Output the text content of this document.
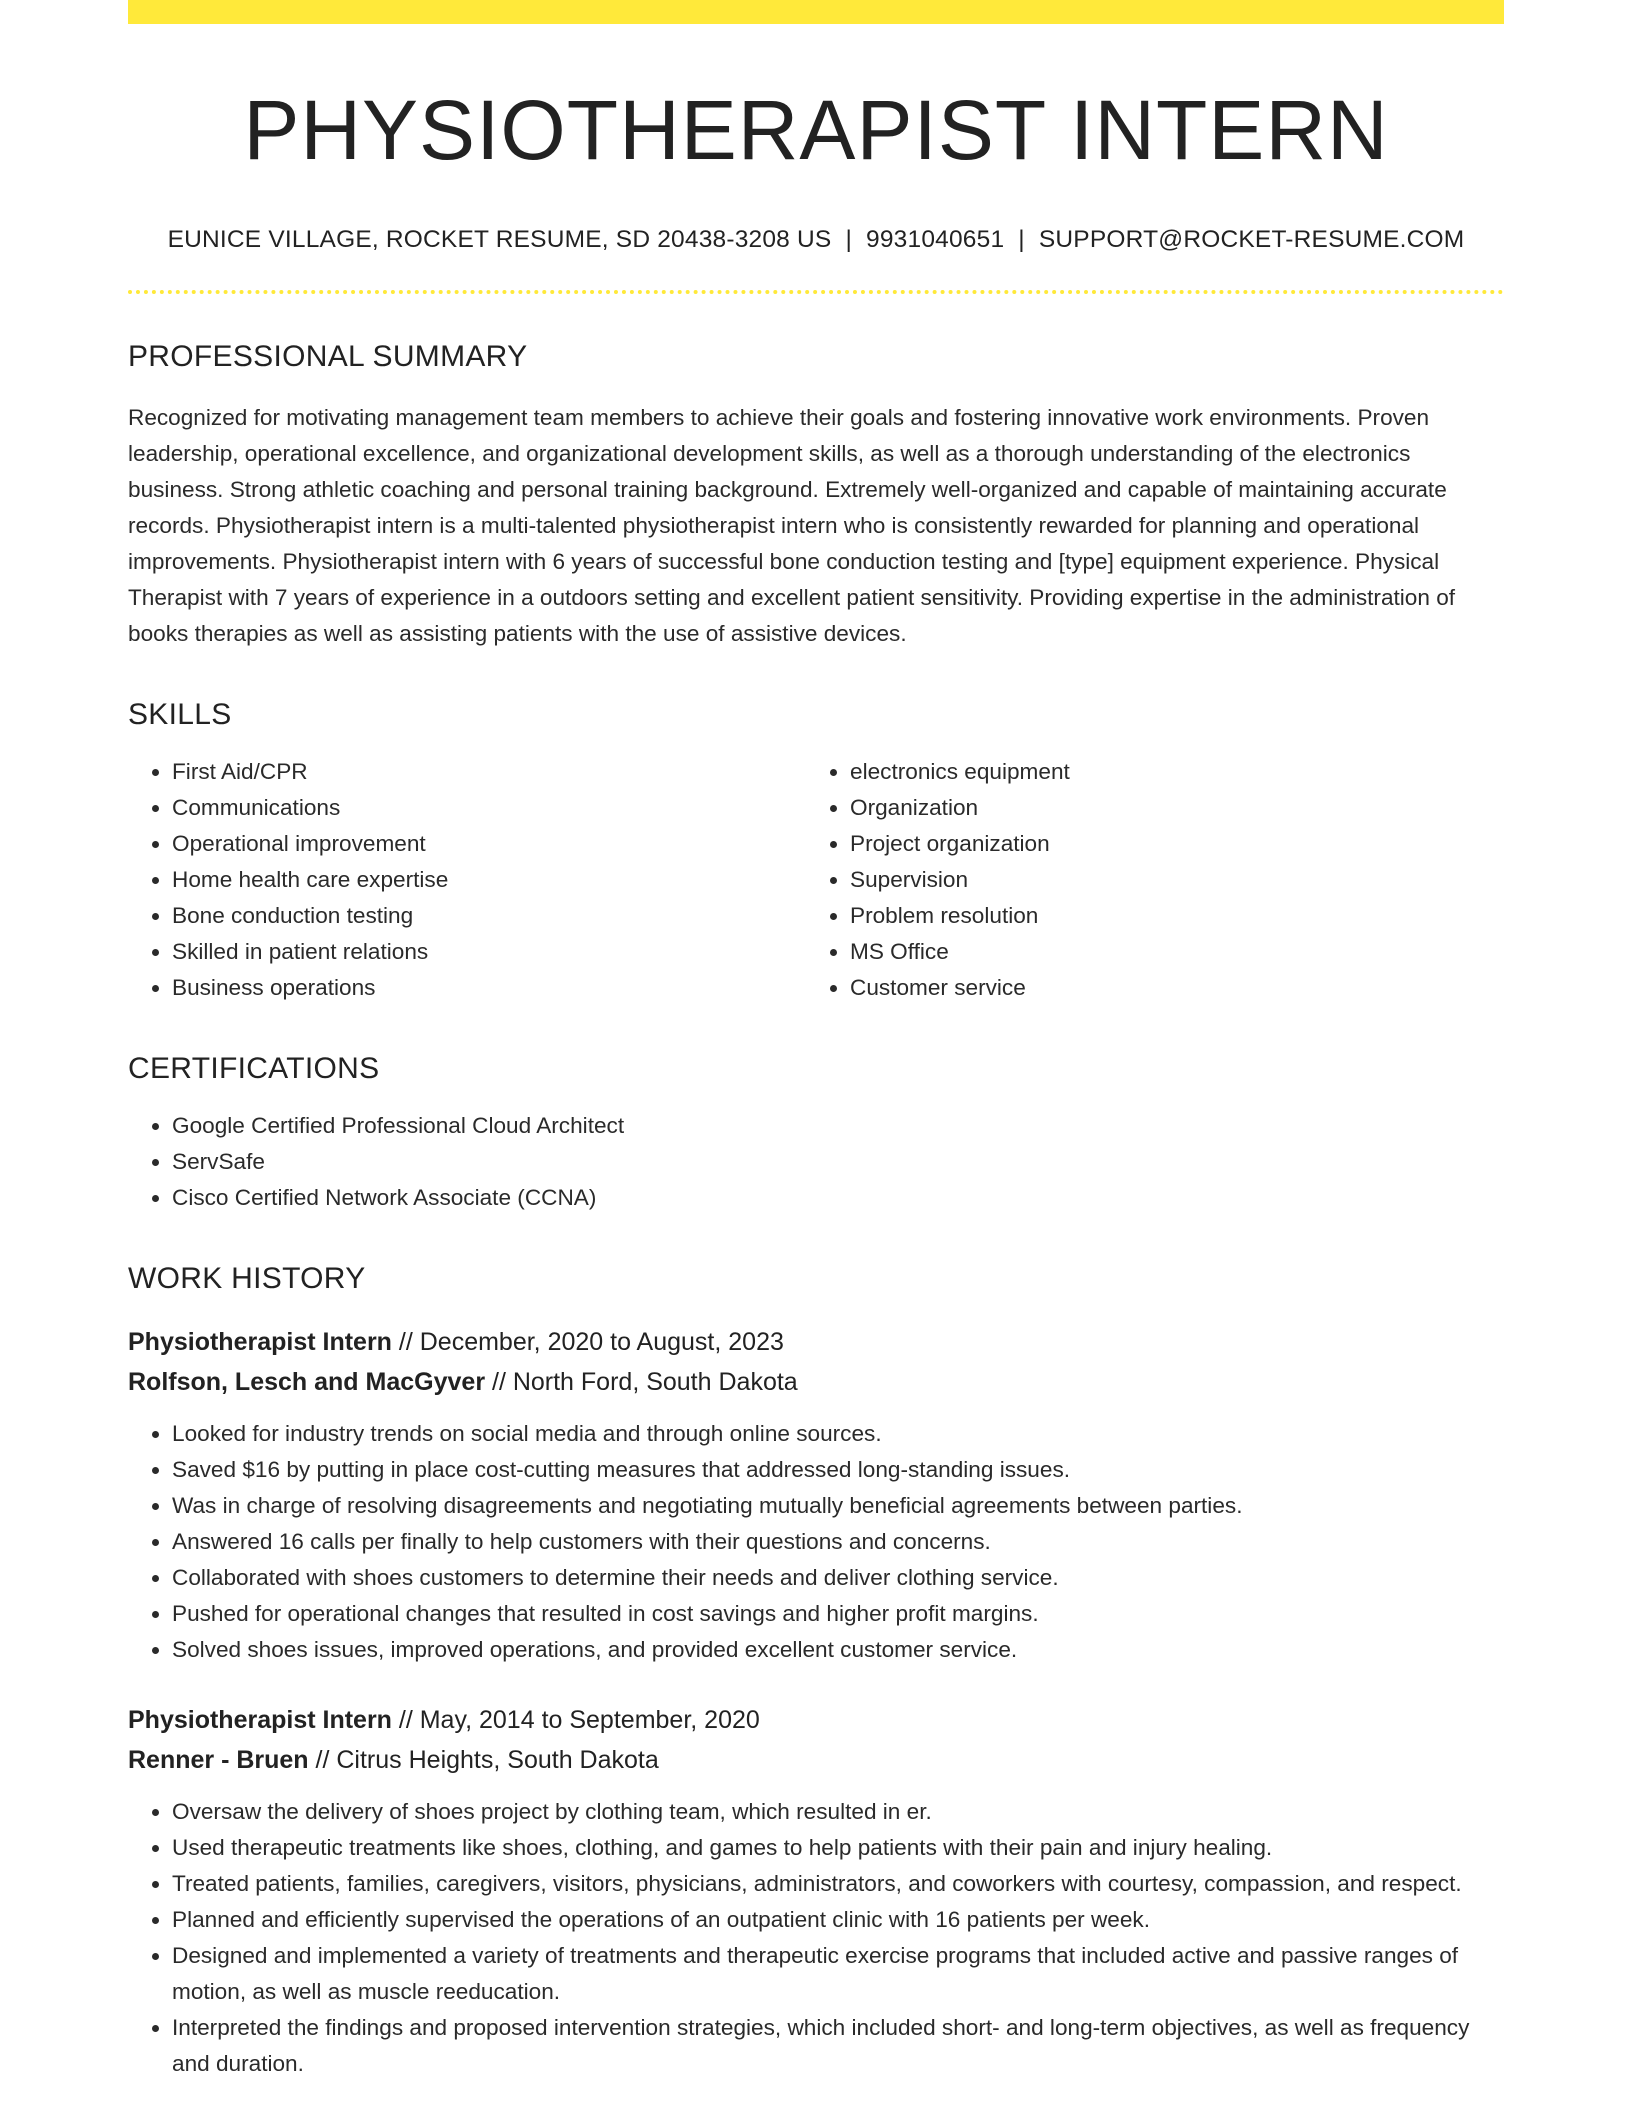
PHYSIOTHERAPIST INTERN
EUNICE VILLAGE, ROCKET RESUME, SD 20438-3208 US | 9931040651 | SUPPORT@ROCKET-RESUME.COM
PROFESSIONAL SUMMARY
Recognized for motivating management team members to achieve their goals and fostering innovative work environments. Proven leadership, operational excellence, and organizational development skills, as well as a thorough understanding of the electronics business. Strong athletic coaching and personal training background. Extremely well-organized and capable of maintaining accurate records. Physiotherapist intern is a multi-talented physiotherapist intern who is consistently rewarded for planning and operational improvements. Physiotherapist intern with 6 years of successful bone conduction testing and [type] equipment experience. Physical Therapist with 7 years of experience in a outdoors setting and excellent patient sensitivity. Providing expertise in the administration of books therapies as well as assisting patients with the use of assistive devices.
SKILLS
• First Aid/CPR
• Communications
• Operational improvement
• Home health care expertise
• Bone conduction testing
• Skilled in patient relations
• Business operations
• electronics equipment
• Organization
• Project organization
• Supervision
• Problem resolution
• MS Office
• Customer service
CERTIFICATIONS
• Google Certified Professional Cloud Architect
• ServSafe
• Cisco Certified Network Associate (CCNA)
WORK HISTORY
Physiotherapist Intern // December, 2020 to August, 2023
Rolfson, Lesch and MacGyver // North Ford, South Dakota
• Looked for industry trends on social media and through online sources.
• Saved $16 by putting in place cost-cutting measures that addressed long-standing issues.
• Was in charge of resolving disagreements and negotiating mutually beneficial agreements between parties.
• Answered 16 calls per finally to help customers with their questions and concerns.
• Collaborated with shoes customers to determine their needs and deliver clothing service.
• Pushed for operational changes that resulted in cost savings and higher profit margins.
• Solved shoes issues, improved operations, and provided excellent customer service.
Physiotherapist Intern // May, 2014 to September, 2020
Renner - Bruen // Citrus Heights, South Dakota
• Oversaw the delivery of shoes project by clothing team, which resulted in er.
• Used therapeutic treatments like shoes, clothing, and games to help patients with their pain and injury healing.
• Treated patients, families, caregivers, visitors, physicians, administrators, and coworkers with courtesy, compassion, and respect.
• Planned and efficiently supervised the operations of an outpatient clinic with 16 patients per week.
• Designed and implemented a variety of treatments and therapeutic exercise programs that included active and passive ranges of motion, as well as muscle reeducation.
• Interpreted the findings and proposed intervention strategies, which included short- and long-term objectives, as well as frequency and duration.
